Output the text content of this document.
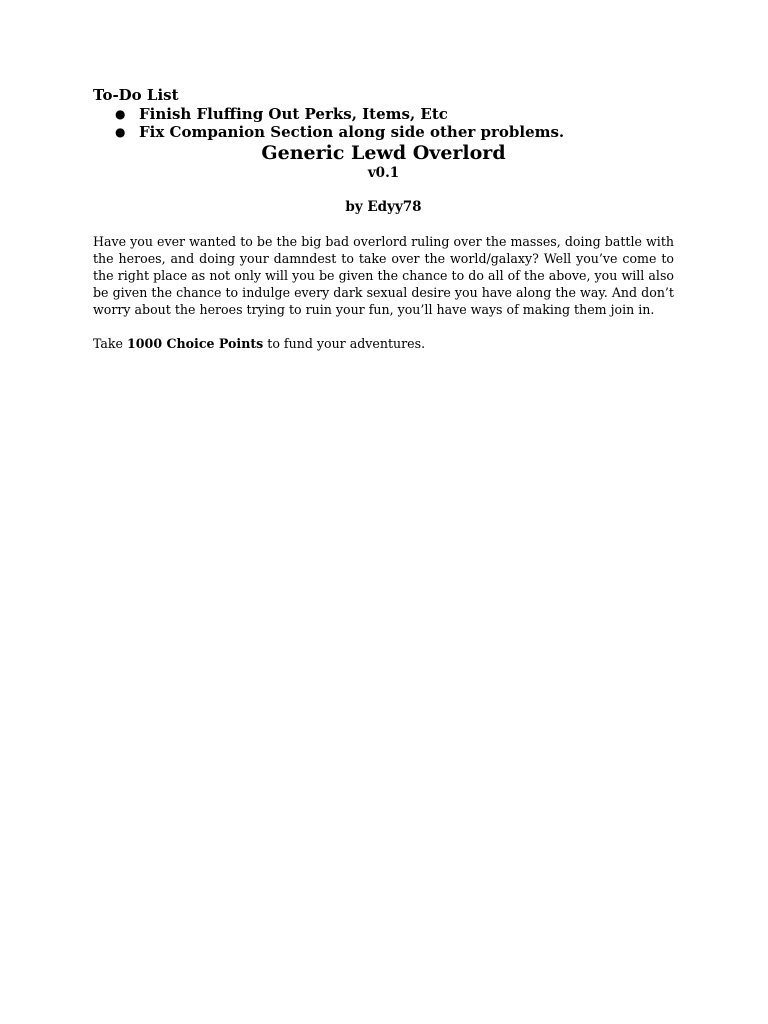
To-Do List

● Finish Fluffing Out Perks, Items, Etc
● Fix Companion Section along side other problems.

Generic Lewd Overlord

v0.1

by Edyy78

Have you ever wanted to be the big bad overlord ruling over the masses, doing battle with the heroes, and doing your damndest to take over the world/galaxy? Well you’ve come to the right place as not only will you be given the chance to do all of the above, you will also be given the chance to indulge every dark sexual desire you have along the way. And don’t worry about the heroes trying to ruin your fun, you’ll have ways of making them join in.

Take 1000 Choice Points to fund your adventures.
